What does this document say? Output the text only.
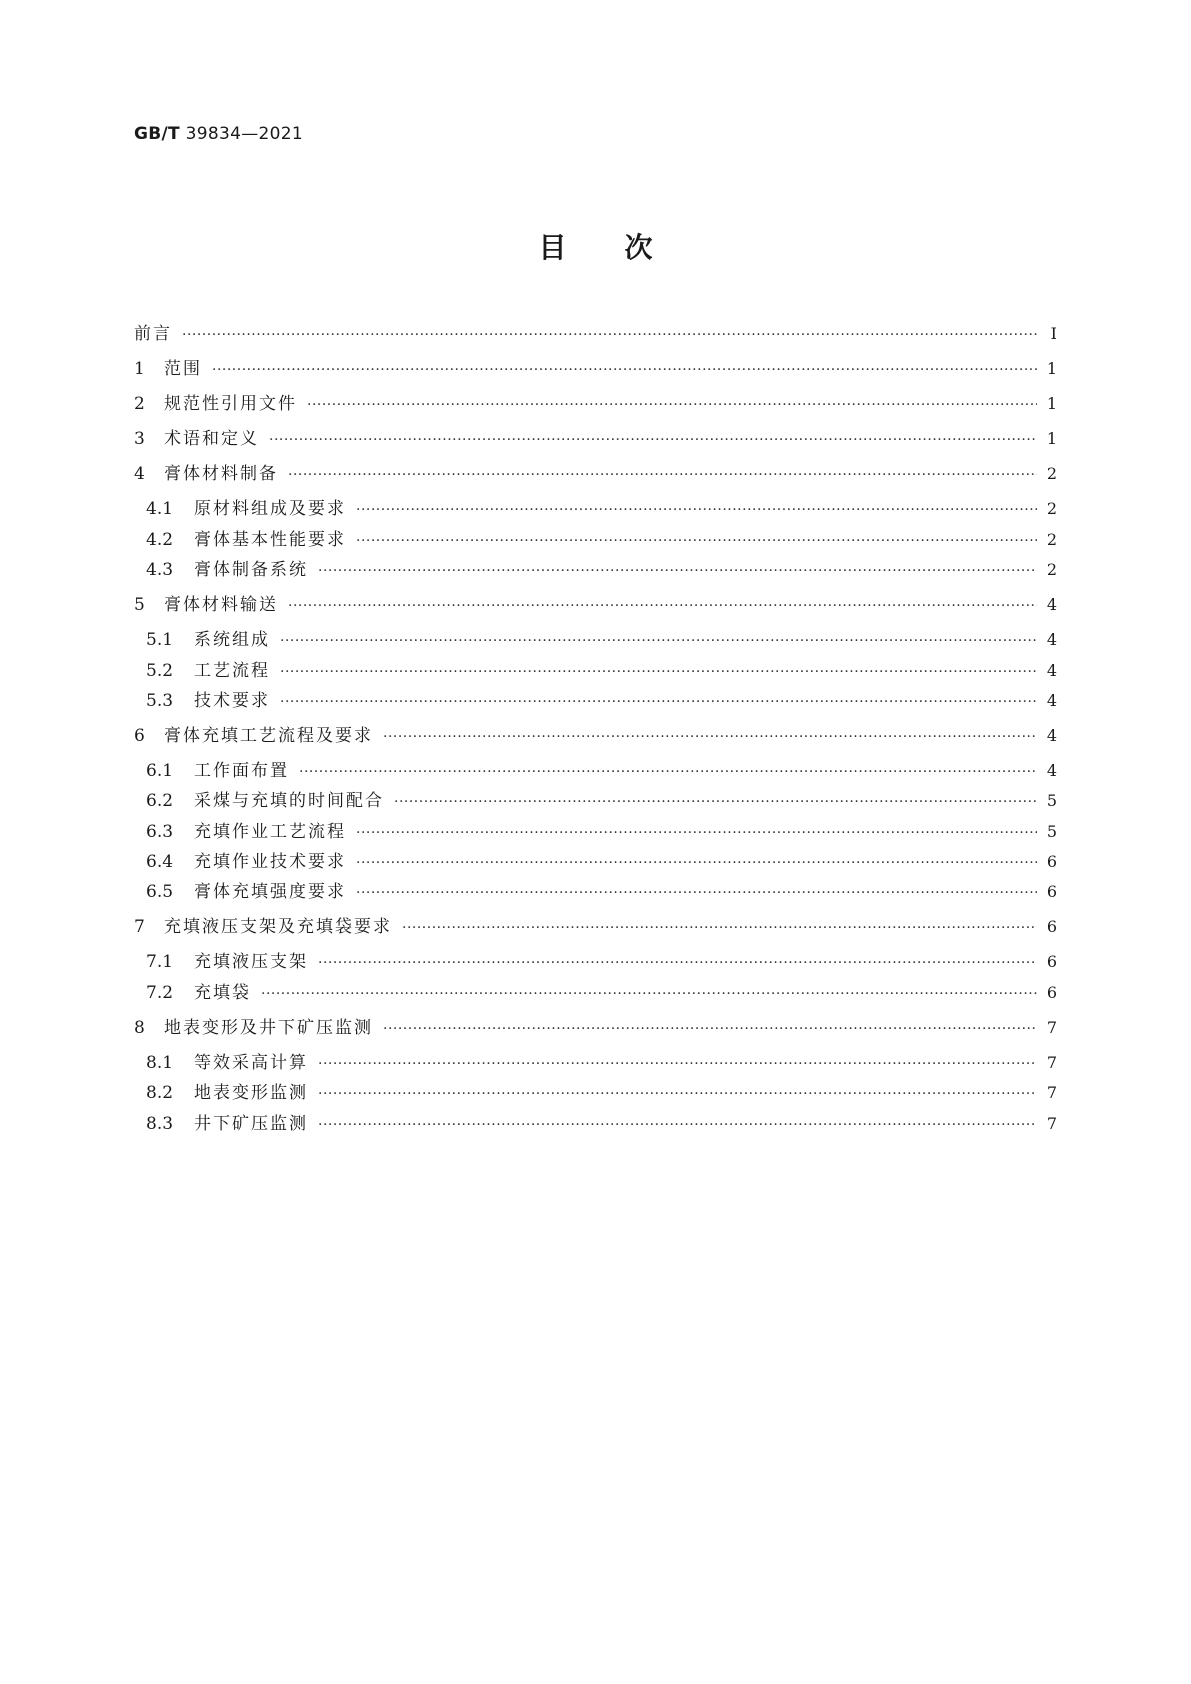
GB/T 39834—2021
目次
前言 ·····	Ⅰ
1	范围 ·····	1
2	规范性引用文件 ·····	1
3	术语和定义 ·····	1
4	膏体材料制备 ·····	2
4.1	原材料组成及要求 ·····	2
4.2	膏体基本性能要求 ·····	2
4.3	膏体制备系统 ·····	2
5	膏体材料输送 ·····	4
5.1	系统组成 ·····	4
5.2	工艺流程 ·····	4
5.3	技术要求 ·····	4
6	膏体充填工艺流程及要求 ·····	4
6.1	工作面布置 ·····	4
6.2	采煤与充填的时间配合 ·····	5
6.3	充填作业工艺流程 ·····	5
6.4	充填作业技术要求 ·····	6
6.5	膏体充填强度要求 ·····	6
7	充填液压支架及充填袋要求 ·····	6
7.1	充填液压支架 ·····	6
7.2	充填袋 ·····	6
8	地表变形及井下矿压监测 ·····	7
8.1	等效采高计算 ·····	7
8.2	地表变形监测 ·····	7
8.3	井下矿压监测 ·····	7
